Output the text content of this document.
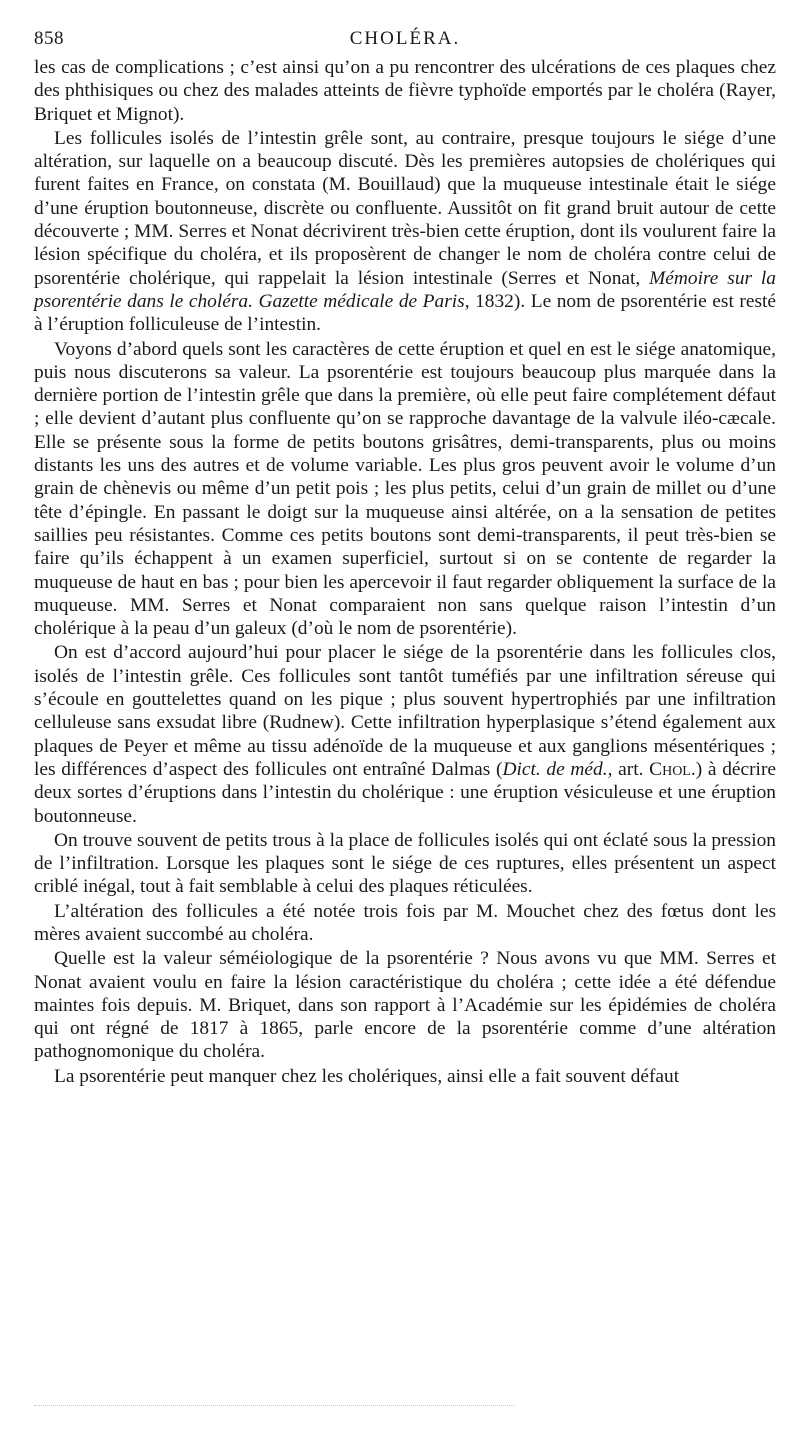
858	CHOLÉRA.

les cas de complications ; c’est ainsi qu’on a pu rencontrer des ulcérations de ces plaques chez des phthisiques ou chez des malades atteints de fièvre typhoïde emportés par le choléra (Rayer, Briquet et Mignot).

Les follicules isolés de l’intestin grêle sont, au contraire, presque toujours le siége d’une altération, sur laquelle on a beaucoup discuté. Dès les premières autopsies de cholériques qui furent faites en France, on constata (M. Bouillaud) que la muqueuse intestinale était le siége d’une éruption boutonneuse, discrète ou confluente. Aussitôt on fit grand bruit autour de cette découverte ; MM. Serres et Nonat décrivirent très-bien cette éruption, dont ils voulurent faire la lésion spécifique du choléra, et ils proposèrent de changer le nom de choléra contre celui de psorentérie cholérique, qui rappelait la lésion intestinale (Serres et Nonat, Mémoire sur la psorentérie dans le choléra. Gazette médicale de Paris, 1832). Le nom de psorentérie est resté à l’éruption folliculeuse de l’intestin.

Voyons d’abord quels sont les caractères de cette éruption et quel en est le siége anatomique, puis nous discuterons sa valeur. La psorentérie est toujours beaucoup plus marquée dans la dernière portion de l’intestin grêle que dans la première, où elle peut faire complétement défaut ; elle devient d’autant plus confluente qu’on se rapproche davantage de la valvule iléo-cæcale. Elle se présente sous la forme de petits boutons grisâtres, demi-transparents, plus ou moins distants les uns des autres et de volume variable. Les plus gros peuvent avoir le volume d’un grain de chènevis ou même d’un petit pois ; les plus petits, celui d’un grain de millet ou d’une tête d’épingle. En passant le doigt sur la muqueuse ainsi altérée, on a la sensation de petites saillies peu résistantes. Comme ces petits boutons sont demi-transparents, il peut très-bien se faire qu’ils échappent à un examen superficiel, surtout si on se contente de regarder la muqueuse de haut en bas ; pour bien les apercevoir il faut regarder obliquement la surface de la muqueuse. MM. Serres et Nonat comparaient non sans quelque raison l’intestin d’un cholérique à la peau d’un galeux (d’où le nom de psorentérie).

On est d’accord aujourd’hui pour placer le siége de la psorentérie dans les follicules clos, isolés de l’intestin grêle. Ces follicules sont tantôt tuméfiés par une infiltration séreuse qui s’écoule en gouttelettes quand on les pique ; plus souvent hypertrophiés par une infiltration celluleuse sans exsudat libre (Rudnew). Cette infiltration hyperplasique s’étend également aux plaques de Peyer et même au tissu adénoïde de la muqueuse et aux ganglions mésentériques ; les différences d’aspect des follicules ont entraîné Dalmas (Dict. de méd., art. Chol.) à décrire deux sortes d’éruptions dans l’intestin du cholérique : une éruption vésiculeuse et une éruption boutonneuse.

On trouve souvent de petits trous à la place de follicules isolés qui ont éclaté sous la pression de l’infiltration. Lorsque les plaques sont le siége de ces ruptures, elles présentent un aspect criblé inégal, tout à fait semblable à celui des plaques réticulées.

L’altération des follicules a été notée trois fois par M. Mouchet chez des fœtus dont les mères avaient succombé au choléra.

Quelle est la valeur séméiologique de la psorentérie ? Nous avons vu que MM. Serres et Nonat avaient voulu en faire la lésion caractéristique du choléra ; cette idée a été défendue maintes fois depuis. M. Briquet, dans son rapport à l’Académie sur les épidémies de choléra qui ont régné de 1817 à 1865, parle encore de la psorentérie comme d’une altération pathognomonique du choléra.

La psorentérie peut manquer chez les cholériques, ainsi elle a fait souvent défaut
